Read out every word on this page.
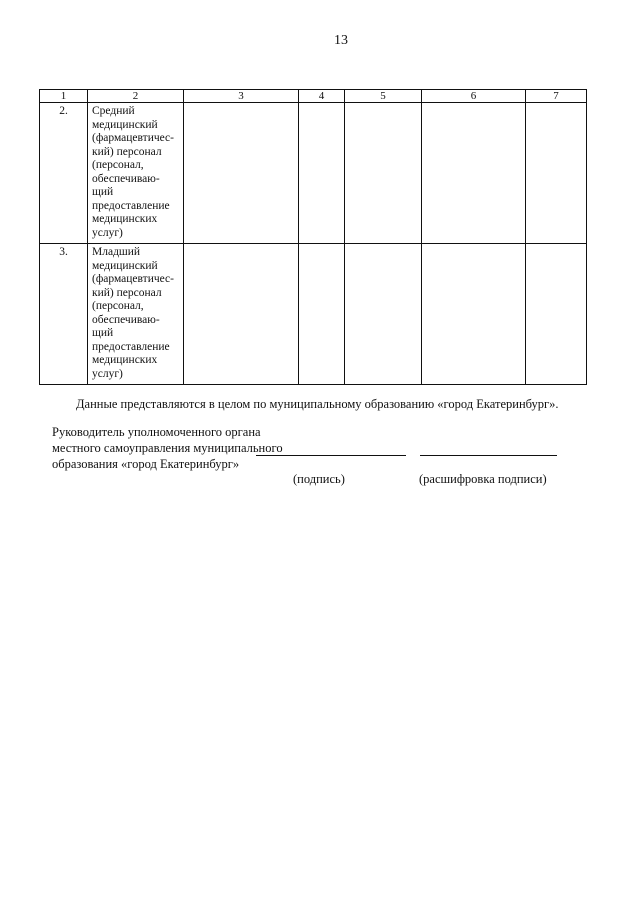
13
1	2	3	4	5	6	7
2.	Средний медицинский (фармацевтичес-кий) персонал (персонал, обеспечиваю-щий предоставление медицинских услуг)					
3.	Младший медицинский (фармацевтичес-кий) персонал (персонал, обеспечиваю-щий предоставление медицинских услуг)					
Данные представляются в целом по муниципальному образованию «город Екатеринбург».
Руководитель уполномоченного органа
местного самоуправления муниципального
образования «город Екатеринбург»
(подпись)	(расшифровка подписи)
